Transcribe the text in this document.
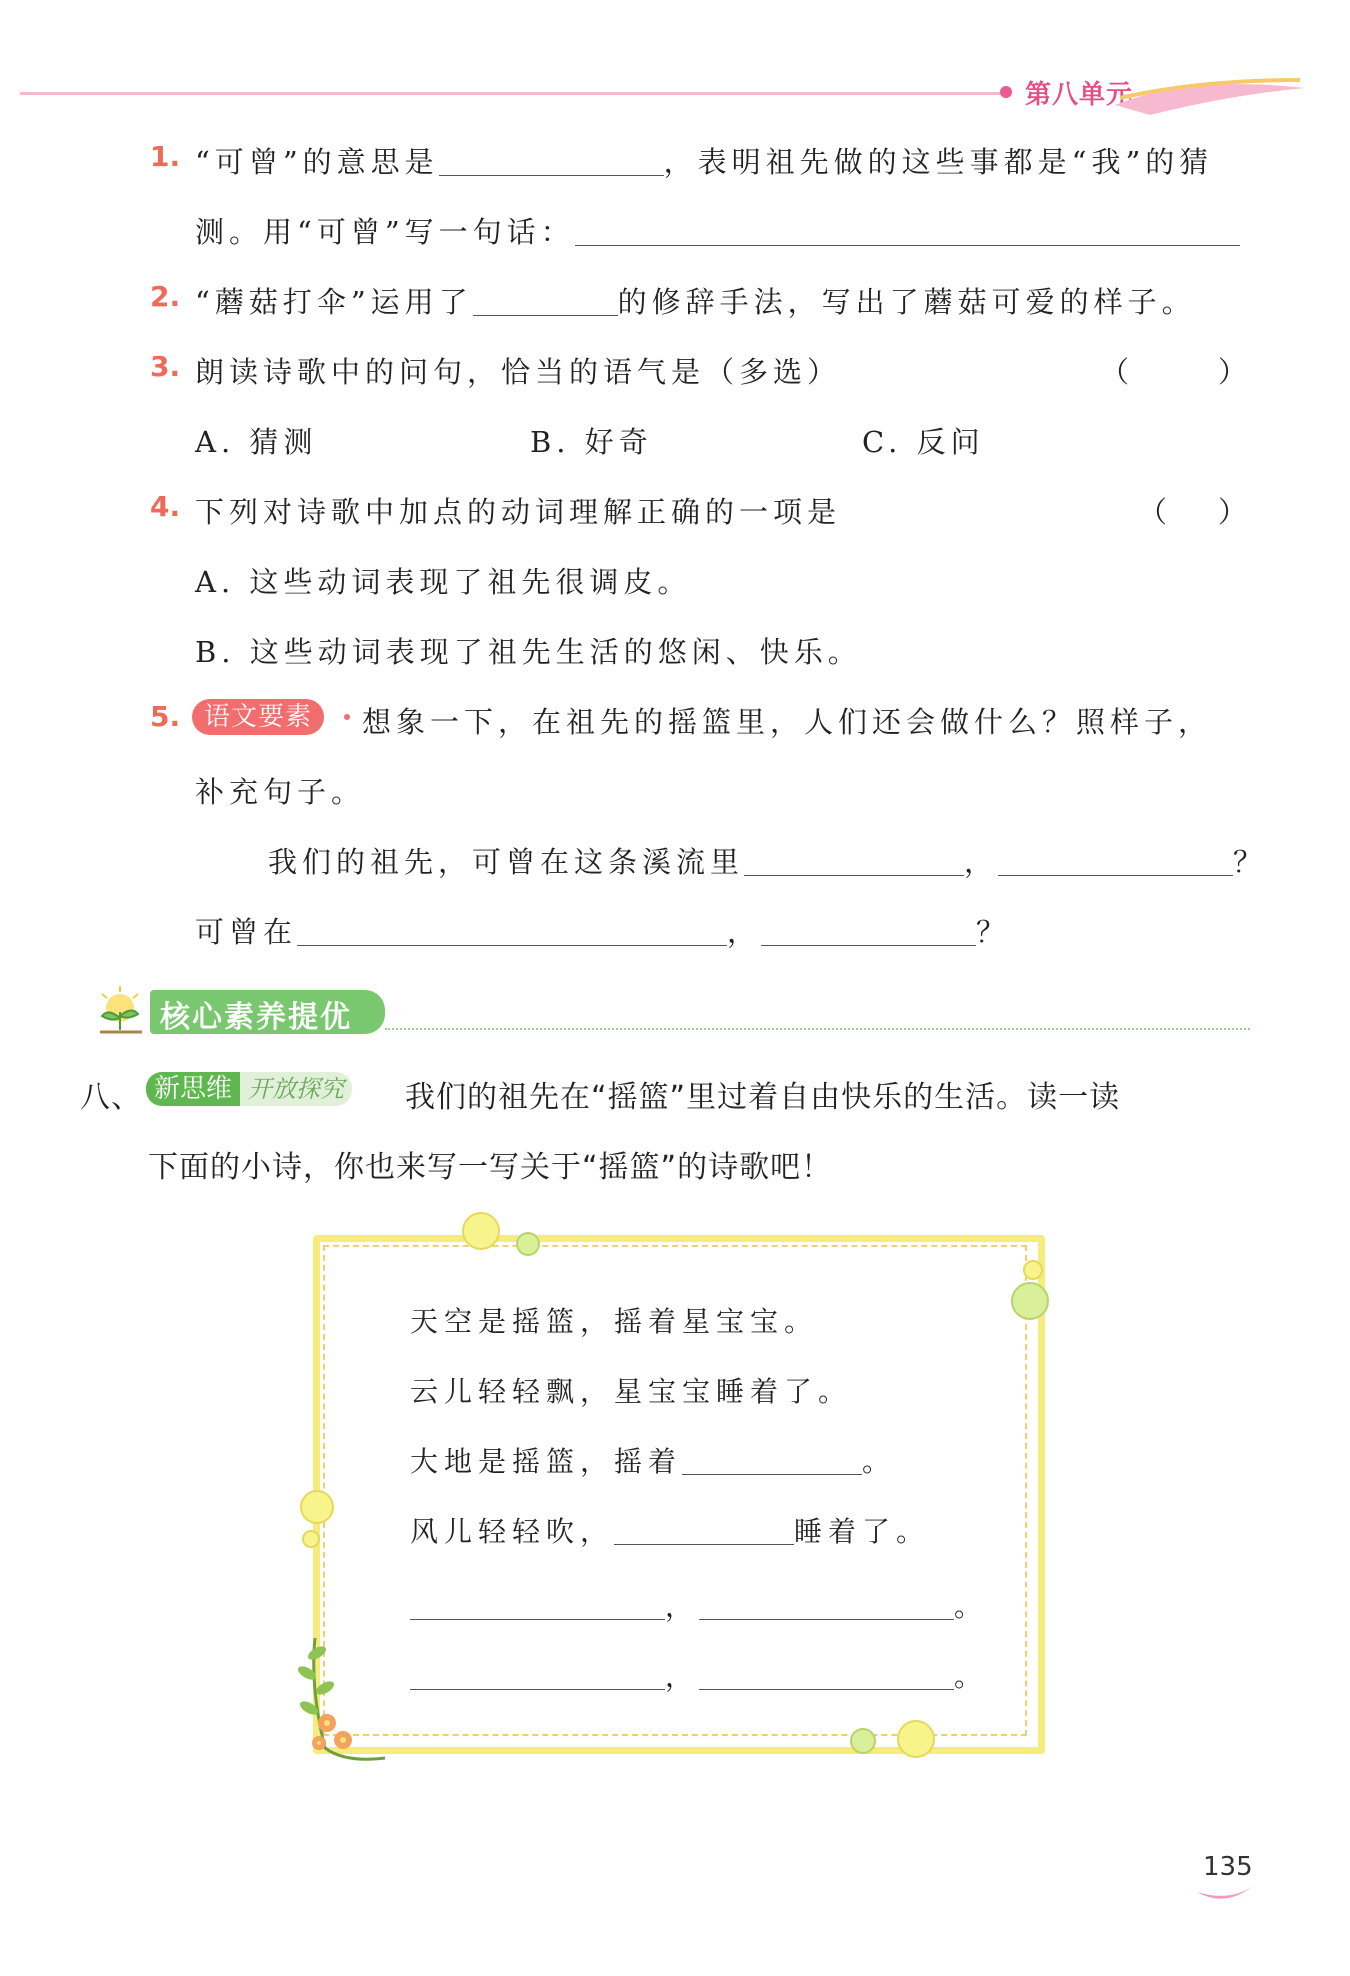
第八单元
1. “可曾”的意思是	，表明祖先做的这些事都是“我”的猜
测。用“可曾”写一句话：
2. “蘑菇打伞”运用了	的修辞手法，写出了蘑菇可爱的样子。
3. 朗读诗歌中的问句，恰当的语气是（多选）	（	）
A. 猜测	B. 好奇	C. 反问
4. 下列对诗歌中加点的动词理解正确的一项是	（ ）
A. 这些动词表现了祖先很调皮。
B. 这些动词表现了祖先生活的悠闲、快乐。
5. 语文要素	想象一下，在祖先的摇篮里，人们还会做什么？照样子，
补充句子。
我们的祖先，可曾在这条溪流里	，	？
可曾在	，	？
核心素养提优
八、 新思维 开放探究 我们的祖先在“摇篮”里过着自由快乐的生活。读一读
下面的小诗，你也来写一写关于“摇篮”的诗歌吧！
天空是摇篮，摇着星宝宝。
云儿轻轻飘，星宝宝睡着了。
大地是摇篮，摇着	。
风儿轻轻吹，	睡着了。
，	。
，	。
135
